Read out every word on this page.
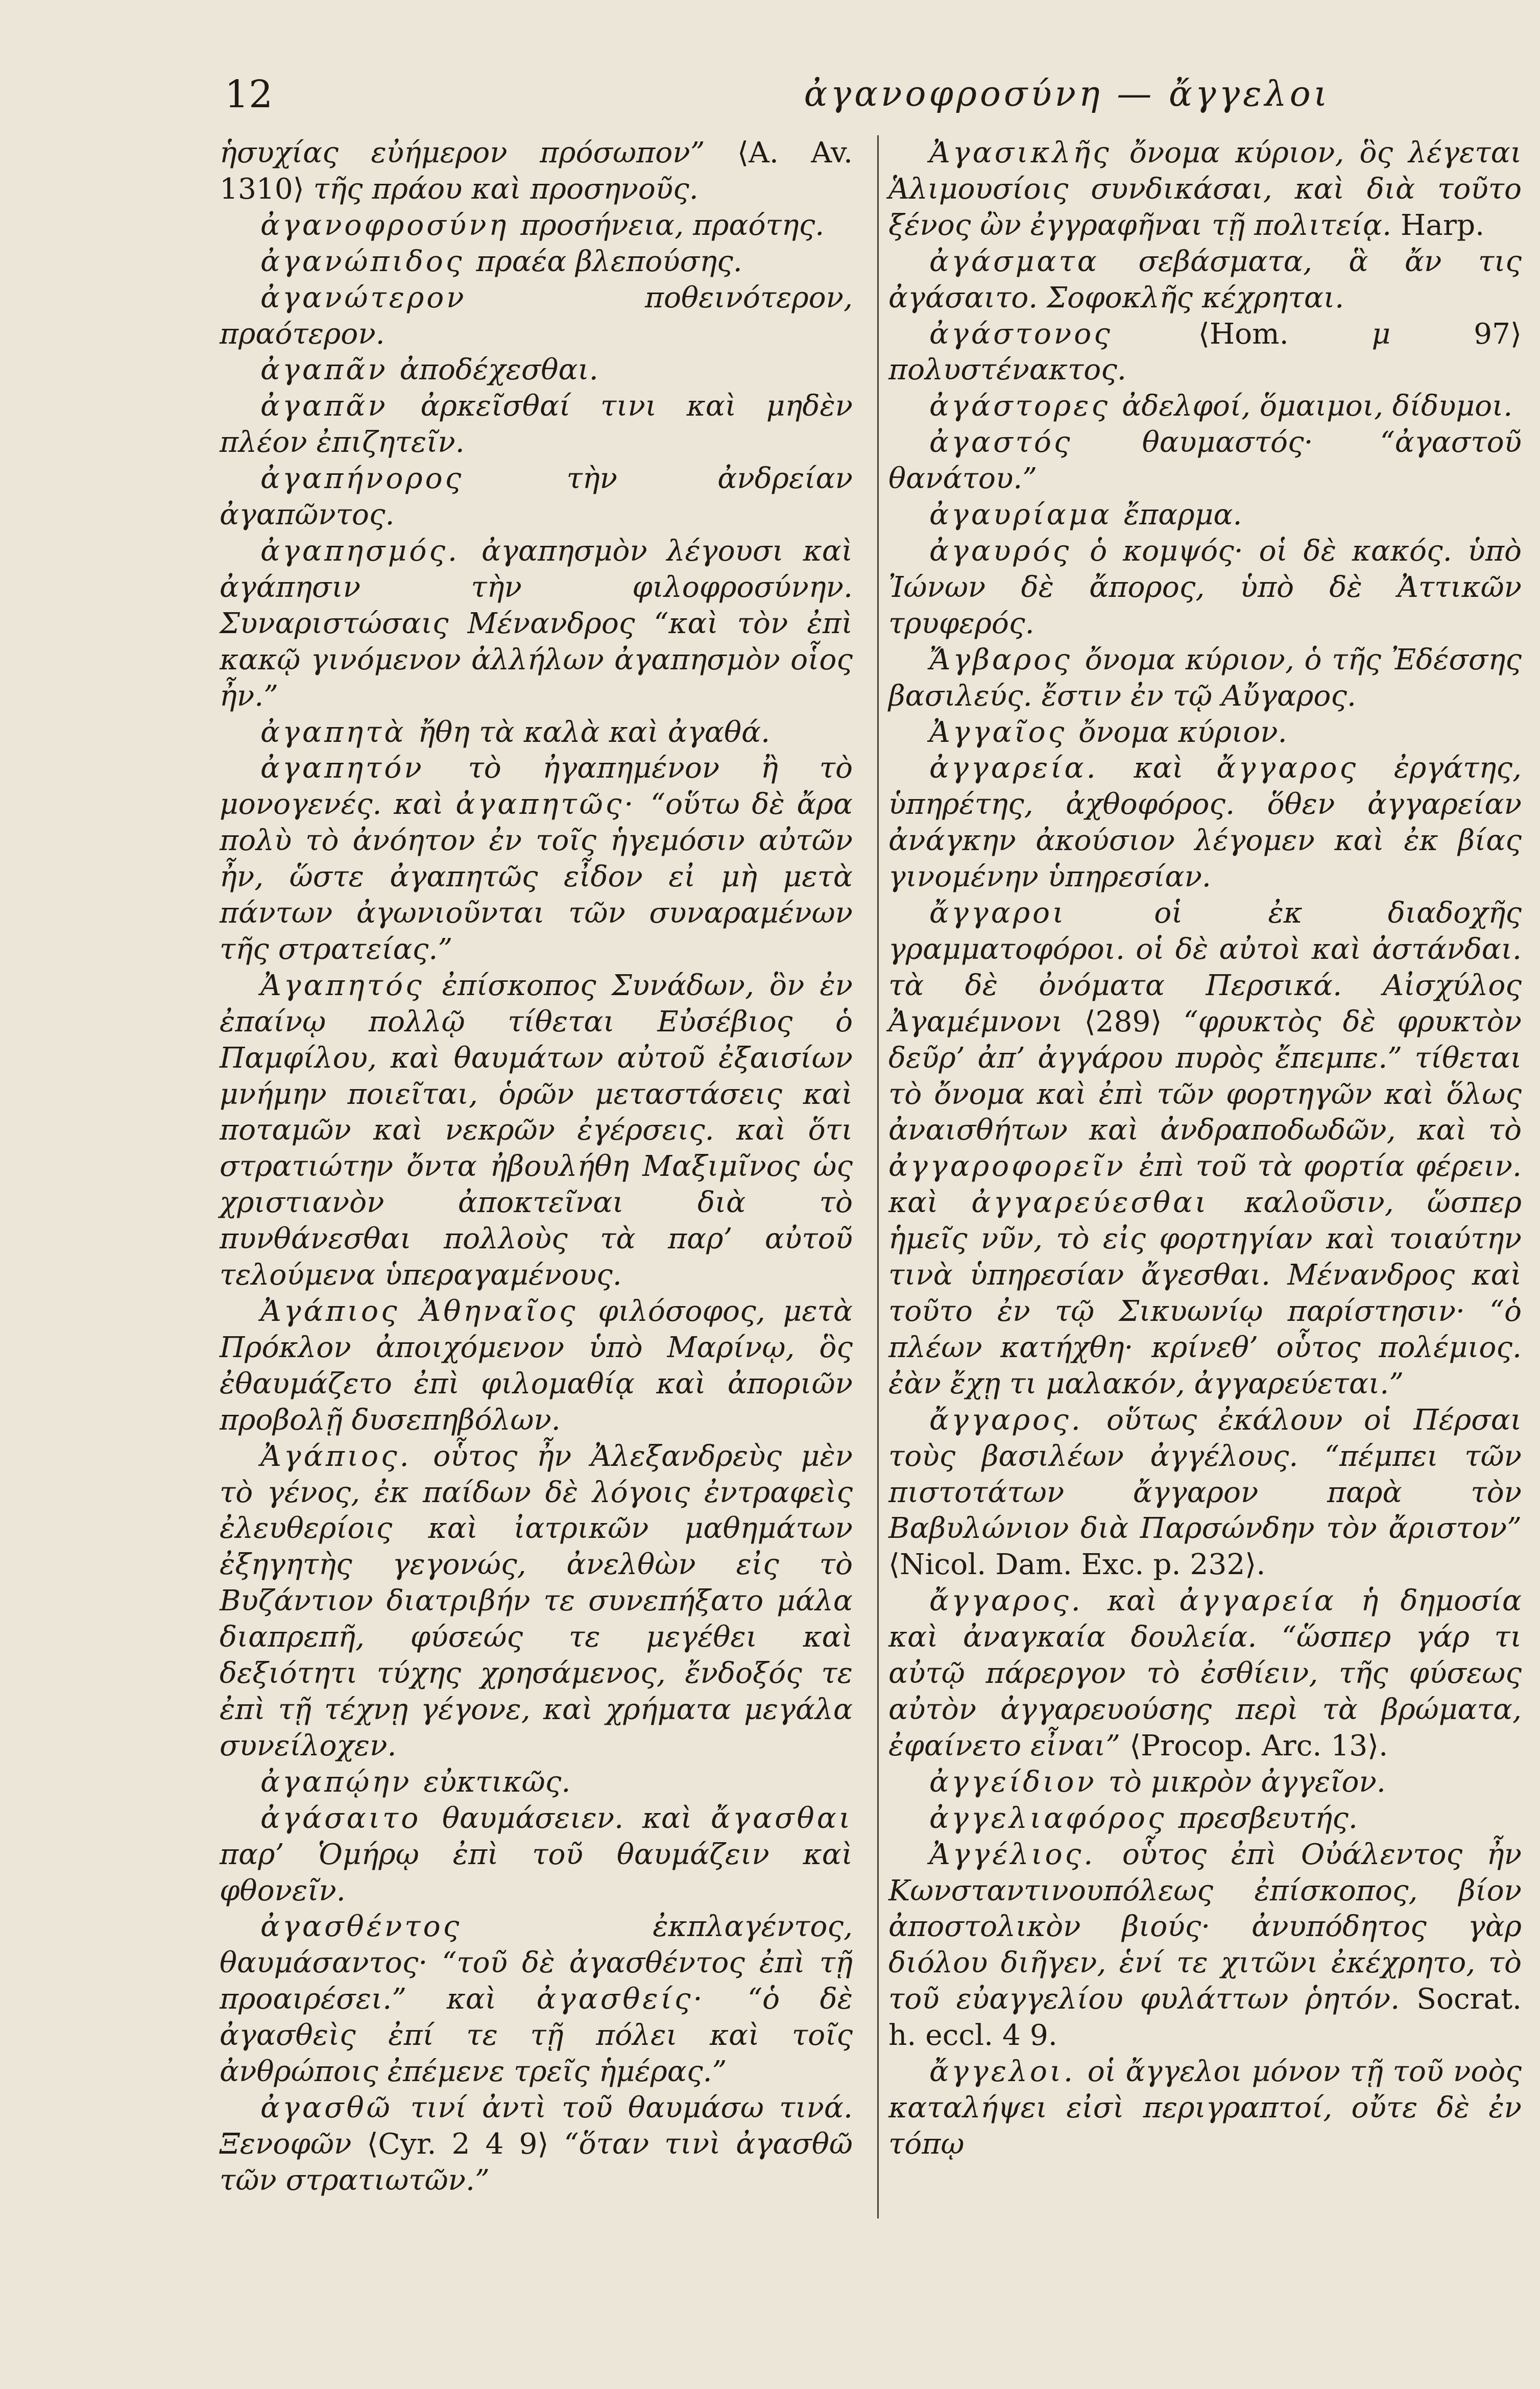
12	ἀγανοφροσύνη — ἄγγελοι

ἡσυχίας εὐήμερον πρόσωπον” ⟨A. Av. 1310⟩ τῆς πράου καὶ προσηνοῦς.

ἀγανοφροσύνη προσήνεια, πραότης.

ἀγανώπιδος πραέα βλεπούσης.

ἀγανώτερον ποθεινότερον, πραότερον.

ἀγαπᾶν ἀποδέχεσθαι.

ἀγαπᾶν ἀρκεῖσθαί τινι καὶ μηδὲν πλέον ἐπιζητεῖν.

ἀγαπήνορος τὴν ἀνδρείαν ἀγαπῶντος.

ἀγαπησμός. ἀγαπησμὸν λέγουσι καὶ ἀγάπησιν τὴν φιλοφροσύνην. Συναριστώσαις Μένανδρος “καὶ τὸν ἐπὶ κακῷ γινόμενον ἀλλήλων ἀγαπησμὸν οἷος ἦν.”

ἀγαπητὰ ἤθη τὰ καλὰ καὶ ἀγαθά.

ἀγαπητόν τὸ ἠγαπημένον ἢ τὸ μονογενές. καὶ ἀγαπητῶς· “οὕτω δὲ ἄρα πολὺ τὸ ἀνόητον ἐν τοῖς ἡγεμόσιν αὐτῶν ἦν, ὥστε ἀγαπητῶς εἶδον εἰ μὴ μετὰ πάντων ἀγωνιοῦνται τῶν συναραμένων τῆς στρατείας.”

Ἀγαπητός ἐπίσκοπος Συνάδων, ὃν ἐν ἐπαίνῳ πολλῷ τίθεται Εὐσέβιος ὁ Παμφίλου, καὶ θαυμάτων αὐτοῦ ἐξαισίων μνήμην ποιεῖται, ὁρῶν μεταστάσεις καὶ ποταμῶν καὶ νεκρῶν ἐγέρσεις. καὶ ὅτι στρατιώτην ὄντα ἠβουλήθη Μαξιμῖνος ὡς χριστιανὸν ἀποκτεῖναι διὰ τὸ πυνθάνεσθαι πολλοὺς τὰ παρ’ αὐτοῦ τελούμενα ὑπεραγαμένους.

Ἀγάπιος Ἀθηναῖος φιλόσοφος, μετὰ Πρόκλον ἀποιχόμενον ὑπὸ Μαρίνῳ, ὃς ἐθαυμάζετο ἐπὶ φιλομαθίᾳ καὶ ἀποριῶν προβολῇ δυσεπηβόλων.

Ἀγάπιος. οὗτος ἦν Ἀλεξανδρεὺς μὲν τὸ γένος, ἐκ παίδων δὲ λόγοις ἐντραφεὶς ἐλευθερίοις καὶ ἰατρικῶν μαθημάτων ἐξηγητὴς γεγονώς, ἀνελθὼν εἰς τὸ Βυζάντιον διατριβήν τε συνεπήξατο μάλα διαπρεπῆ, φύσεώς τε μεγέθει καὶ δεξιότητι τύχης χρησάμενος, ἔνδοξός τε ἐπὶ τῇ τέχνῃ γέγονε, καὶ χρήματα μεγάλα συνείλοχεν.

ἀγαπῴην εὐκτικῶς.

ἀγάσαιτο θαυμάσειεν. καὶ ἄγασθαι παρ’ Ὁμήρῳ ἐπὶ τοῦ θαυμάζειν καὶ φθονεῖν.

ἀγασθέντος ἐκπλαγέντος, θαυμάσαντος· “τοῦ δὲ ἀγασθέντος ἐπὶ τῇ προαιρέσει.” καὶ ἀγασθείς· “ὁ δὲ ἀγασθεὶς ἐπί τε τῇ πόλει καὶ τοῖς ἀνθρώποις ἐπέμενε τρεῖς ἡμέρας.”

ἀγασθῶ τινί ἀντὶ τοῦ θαυμάσω τινά. Ξενοφῶν ⟨Cyr. 2 4 9⟩ “ὅταν τινὶ ἀγασθῶ τῶν στρατιωτῶν.”

Ἀγασικλῆς ὄνομα κύριον, ὃς λέγεται Ἁλιμουσίοις συνδικάσαι, καὶ διὰ τοῦτο ξένος ὢν ἐγγραφῆναι τῇ πολιτείᾳ. Harp.

ἀγάσματα σεβάσματα, ἃ ἄν τις ἀγάσαιτο. Σοφοκλῆς κέχρηται.

ἀγάστονος ⟨Hom. μ 97⟩ πολυστένακτος.

ἀγάστορες ἀδελφοί, ὅμαιμοι, δίδυμοι.

ἀγαστός θαυμαστός· “ἀγαστοῦ θανάτου.”

ἀγαυρίαμα ἔπαρμα.

ἀγαυρός ὁ κομψός· οἱ δὲ κακός. ὑπὸ Ἰώνων δὲ ἄπορος, ὑπὸ δὲ Ἀττικῶν τρυφερός.

Ἄγβαρος ὄνομα κύριον, ὁ τῆς Ἐδέσσης βασιλεύς. ἔστιν ἐν τῷ Αὔγαρος.

Ἀγγαῖος ὄνομα κύριον.

ἀγγαρεία. καὶ ἄγγαρος ἐργάτης, ὑπηρέτης, ἀχθοφόρος. ὅθεν ἀγγαρείαν ἀνάγκην ἀκούσιον λέγομεν καὶ ἐκ βίας γινομένην ὑπηρεσίαν.

ἄγγαροι οἱ ἐκ διαδοχῆς γραμματοφόροι. οἱ δὲ αὐτοὶ καὶ ἀστάνδαι. τὰ δὲ ὀνόματα Περσικά. Αἰσχύλος Ἀγαμέμνονι ⟨289⟩ “φρυκτὸς δὲ φρυκτὸν δεῦρ’ ἀπ’ ἀγγάρου πυρὸς ἔπεμπε.” τίθεται τὸ ὄνομα καὶ ἐπὶ τῶν φορτηγῶν καὶ ὅλως ἀναισθήτων καὶ ἀνδραποδωδῶν, καὶ τὸ ἀγγαροφορεῖν ἐπὶ τοῦ τὰ φορτία φέρειν. καὶ ἀγγαρεύεσθαι καλοῦσιν, ὥσπερ ἡμεῖς νῦν, τὸ εἰς φορτηγίαν καὶ τοιαύτην τινὰ ὑπηρεσίαν ἄγεσθαι. Μένανδρος καὶ τοῦτο ἐν τῷ Σικυωνίῳ παρίστησιν· “ὁ πλέων κατήχθη· κρίνεθ’ οὗτος πολέμιος. ἐὰν ἔχῃ τι μαλακόν, ἀγγαρεύεται.”

ἄγγαρος. οὕτως ἐκάλουν οἱ Πέρσαι τοὺς βασιλέων ἀγγέλους. “πέμπει τῶν πιστοτάτων ἄγγαρον παρὰ τὸν Βαβυλώνιον διὰ Παρσώνδην τὸν ἄριστον” ⟨Nicol. Dam. Exc. p. 232⟩.

ἄγγαρος. καὶ ἀγγαρεία ἡ δημοσία καὶ ἀναγκαία δουλεία. “ὥσπερ γάρ τι αὐτῷ πάρεργον τὸ ἐσθίειν, τῆς φύσεως αὐτὸν ἀγγαρευούσης περὶ τὰ βρώματα, ἐφαίνετο εἶναι” ⟨Procop. Arc. 13⟩.

ἀγγείδιον τὸ μικρὸν ἀγγεῖον.

ἀγγελιαφόρος πρεσβευτής.

Ἀγγέλιος. οὗτος ἐπὶ Οὐάλεντος ἦν Κωνσταντινουπόλεως ἐπίσκοπος, βίον ἀποστολικὸν βιούς· ἀνυπόδητος γὰρ διόλου διῆγεν, ἑνί τε χιτῶνι ἐκέχρητο, τὸ τοῦ εὐαγγελίου φυλάττων ῥητόν. Socrat. h. eccl. 4 9.

ἄγγελοι. οἱ ἄγγελοι μόνον τῇ τοῦ νοὸς καταλήψει εἰσὶ περιγραπτοί, οὔτε δὲ ἐν τόπῳ
